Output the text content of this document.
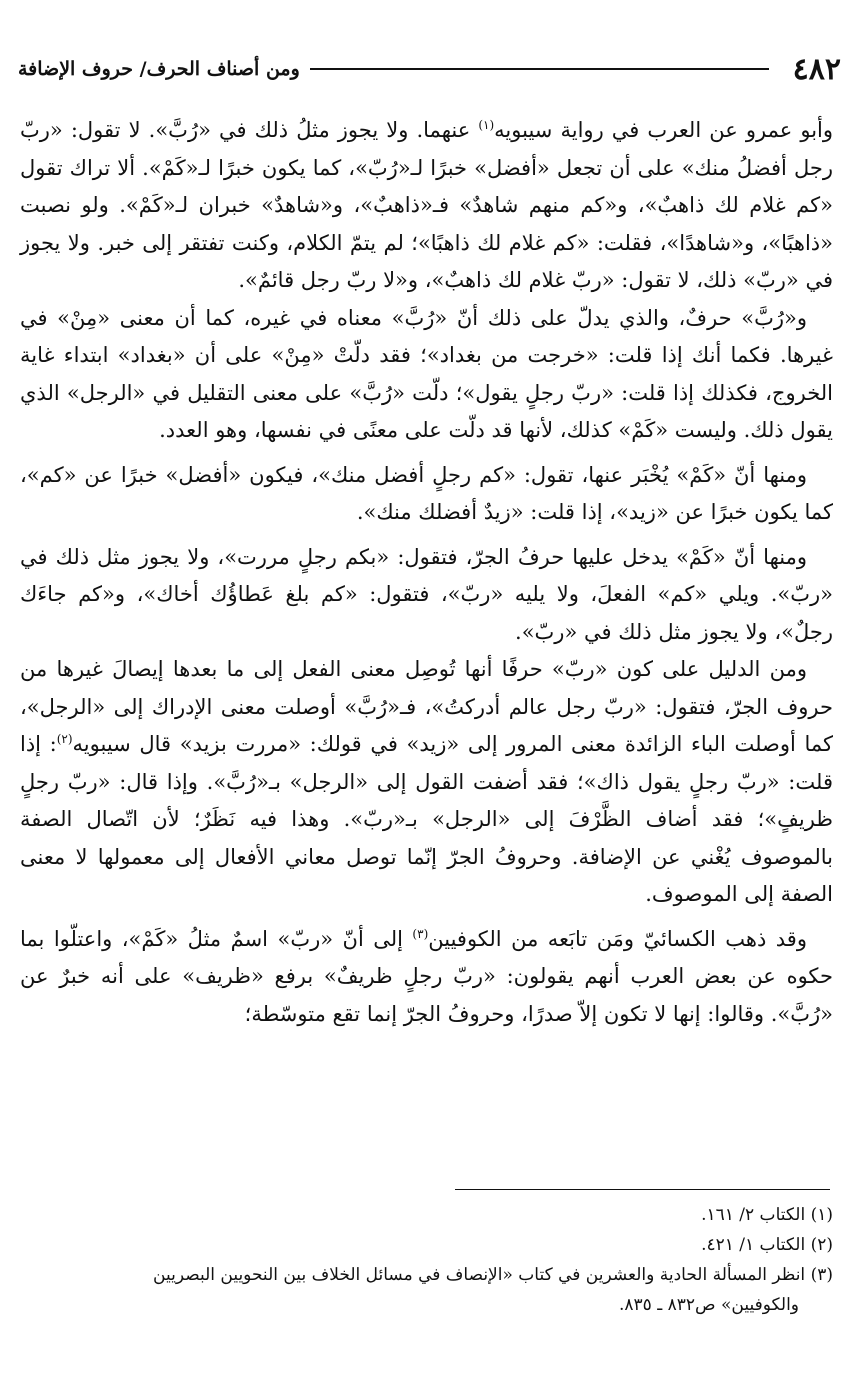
٤٨٢
ومن أصناف الحرف/ حروف الإضافة

وأبو عمرو عن العرب في رواية سيبويه$^{(١)}$ عنهما. ولا يجوز مثلُ ذلك في «رُبَّ». لا تقول: «ربّ رجل أفضلُ منك» على أن تجعل «أفضل» خبرًا لـ«رُبّ»، كما يكون خبرًا لـ«كَمْ». ألا تراك تقول «كم غلام لك ذاهبٌ»، و«كم منهم شاهدٌ» فـ«ذاهبٌ»، و«شاهدٌ» خبران لـ«كَمْ». ولو نصبت «ذاهبًا»، و«شاهدًا»، فقلت: «كم غلام لك ذاهبًا»؛ لم يتمّ الكلام، وكنت تفتقر إلى خبر. ولا يجوز في «ربّ» ذلك، لا تقول: «ربّ غلام لك ذاهبٌ»، و«لا ربّ رجل قائمٌ».

و«رُبَّ» حرفٌ، والذي يدلّ على ذلك أنّ «رُبَّ» معناه في غيره، كما أن معنى «مِنْ» في غيرها. فكما أنك إذا قلت: «خرجت من بغداد»؛ فقد دلّتْ «مِنْ» على أن «بغداد» ابتداء غاية الخروج، فكذلك إذا قلت: «ربّ رجلٍ يقول»؛ دلّت «رُبَّ» على معنى التقليل في «الرجل» الذي يقول ذلك. وليست «كَمْ» كذلك، لأنها قد دلّت على معنًى في نفسها، وهو العدد.

ومنها أنّ «كَمْ» يُخْبَر عنها، تقول: «كم رجلٍ أفضل منك»، فيكون «أفضل» خبرًا عن «كم»، كما يكون خبرًا عن «زيد»، إذا قلت: «زيدٌ أفضلك منك».

ومنها أنّ «كَمْ» يدخل عليها حرفُ الجرّ، فتقول: «بكم رجلٍ مررت»، ولا يجوز مثل ذلك في «ربّ». ويلي «كم» الفعلَ، ولا يليه «ربّ»، فتقول: «كم بلغ عَطاؤُك أخاك»، و«كم جاءَك رجلٌ»، ولا يجوز مثل ذلك في «ربّ».

ومن الدليل على كون «ربّ» حرفًا أنها تُوصِل معنى الفعل إلى ما بعدها إيصالَ غيرها من حروف الجرّ، فتقول: «ربّ رجل عالم أدركتُ»، فـ«رُبَّ» أوصلت معنى الإدراك إلى «الرجل»، كما أوصلت الباء الزائدة معنى المرور إلى «زيد» في قولك: «مررت بزيد» قال سيبويه$^{(٢)}$: إذا قلت: «ربّ رجلٍ يقول ذاك»؛ فقد أضفت القول إلى «الرجل» بـ«رُبَّ». وإذا قال: «ربّ رجلٍ ظريفٍ»؛ فقد أضاف الظَّرْفَ إلى «الرجل» بـ«ربّ». وهذا فيه نَظَرٌ؛ لأن اتّصال الصفة بالموصوف يُغْني عن الإضافة. وحروفُ الجرّ إنّما توصل معاني الأفعال إلى معمولها لا معنى الصفة إلى الموصوف.

وقد ذهب الكسائيّ ومَن تابَعه من الكوفيين$^{(٣)}$ إلى أنّ «ربّ» اسمٌ مثلُ «كَمْ»، واعتلّوا بما حكوه عن بعض العرب أنهم يقولون: «ربّ رجلٍ ظريفٌ» برفع «ظريف» على أنه خبرٌ عن «رُبَّ». وقالوا: إنها لا تكون إلاّ صدرًا، وحروفُ الجرّ إنما تقع متوسّطة؛

(١) الكتاب ٢/ ١٦١.

(٢) الكتاب ١/ ٤٢١.

(٣) انظر المسألة الحادية والعشرين في كتاب «الإنصاف في مسائل الخلاف بين النحويين البصريين

والكوفيين» ص٨٣٢ ـ ٨٣٥.
